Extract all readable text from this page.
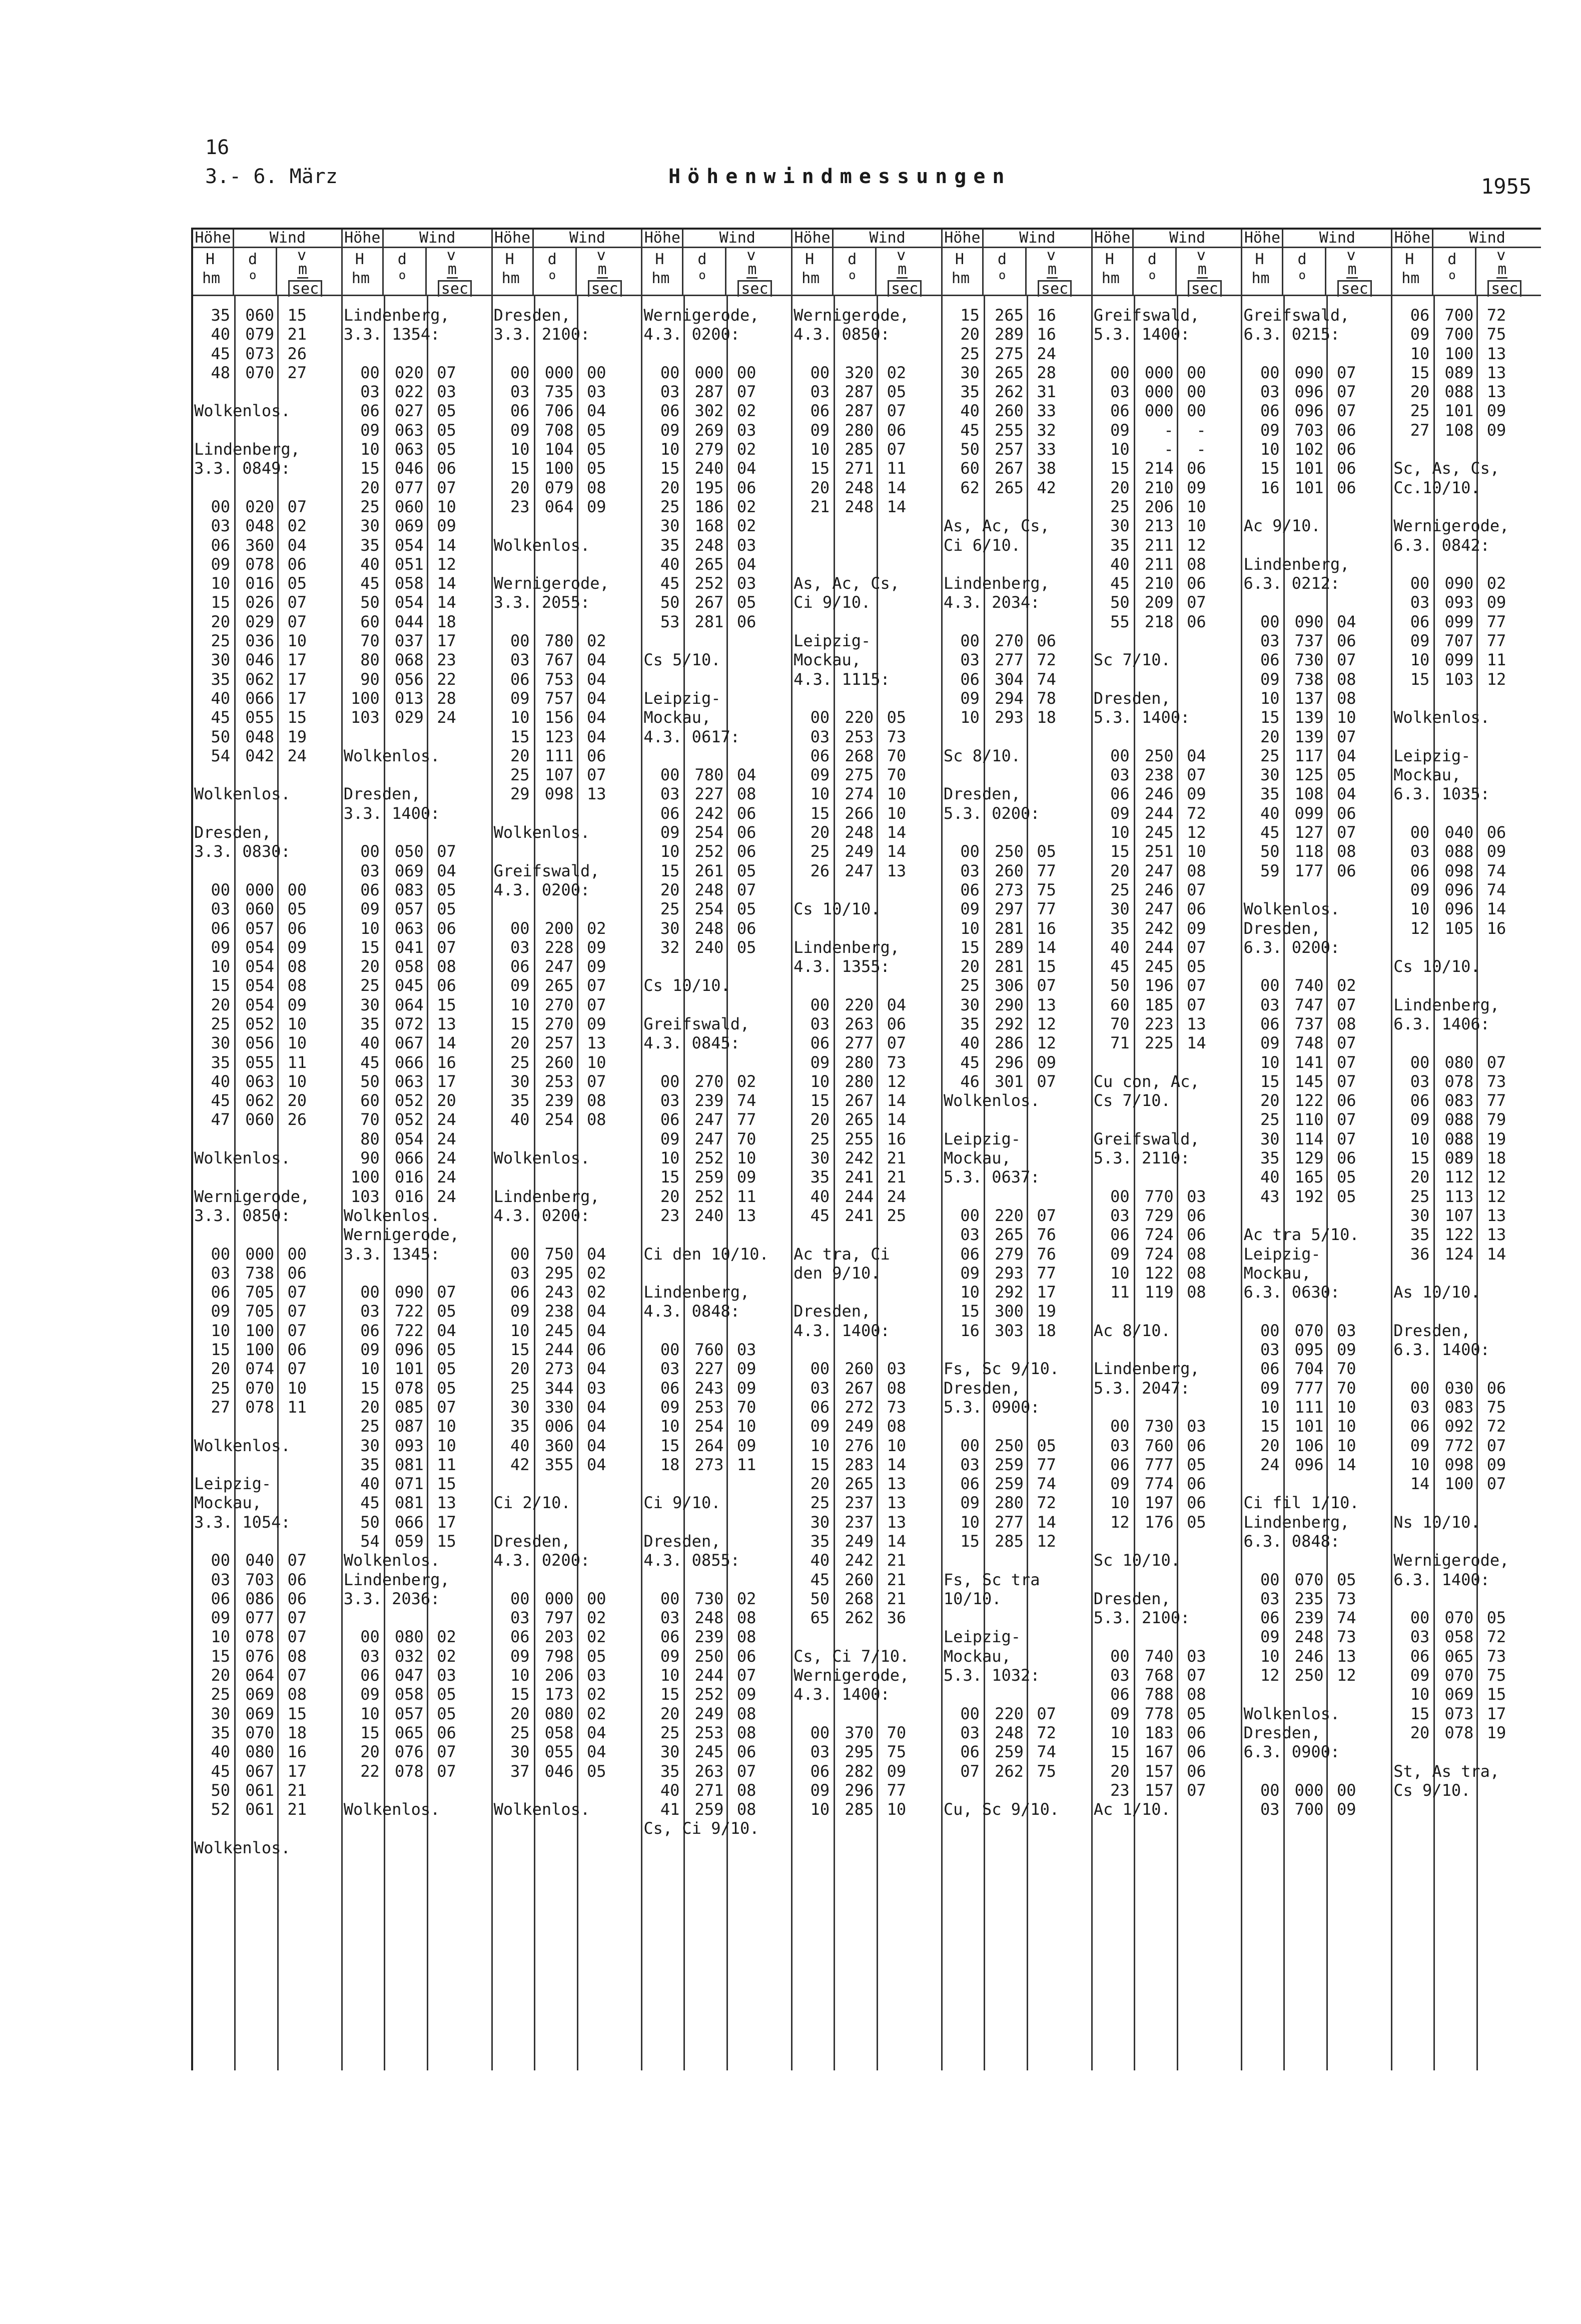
16
3.- 6. März	Höhenwindmessungen	1955
Höhe	Wind
H
hm
d
o
v
m
sec
35 060 15
40 079 21
45 073 26
48 070 27
Wolkenlos.
Lindenberg,
3.3. 0849:
00 020 07
03 048 02
06 360 04
09 078 06
10 016 05
15 026 07
20 029 07
25 036 10
30 046 17
35 062 17
40 066 17
45 055 15
50 048 19
54 042 24
Wolkenlos.
Dresden,
3.3. 0830:
00 000 00
03 060 05
06 057 06
09 054 09
10 054 08
15 054 08
20 054 09
25 052 10
30 056 10
35 055 11
40 063 10
45 062 20
47 060 26
Wolkenlos.
Wernigerode,
3.3. 0850:
00 000 00
03 738 06
06 705 07
09 705 07
10 100 07
15 100 06
20 074 07
25 070 10
27 078 11
Wolkenlos.
Leipzig-
Mockau,
3.3. 1054:
00 040 07
03 703 06
06 086 06
09 077 07
10 078 07
15 076 08
20 064 07
25 069 08
30 069 15
35 070 18
40 080 16
45 067 17
50 061 21
52 061 21
Wolkenlos.
Höhe	Wind
H
hm
d
o
v
m
sec
Lindenberg,
3.3. 1354:
00 020 07
03 022 03
06 027 05
09 063 05
10 063 05
15 046 06
20 077 07
25 060 10
30 069 09
35 054 14
40 051 12
45 058 14
50 054 14
60 044 18
70 037 17
80 068 23
90 056 22
100 013 28
103 029 24
Wolkenlos.
Dresden,
3.3. 1400:
00 050 07
03 069 04
06 083 05
09 057 05
10 063 06
15 041 07
20 058 08
25 045 06
30 064 15
35 072 13
40 067 14
45 066 16
50 063 17
60 052 20
70 052 24
80 054 24
90 066 24
100 016 24
103 016 24
Wolkenlos.
Wernigerode,
3.3. 1345:
00 090 07
03 722 05
06 722 04
09 096 05
10 101 05
15 078 05
20 085 07
25 087 10
30 093 10
35 081 11
40 071 15
45 081 13
50 066 17
54 059 15
Wolkenlos.
Lindenberg,
3.3. 2036:
00 080 02
03 032 02
06 047 03
09 058 05
10 057 05
15 065 06
20 076 07
22 078 07
Wolkenlos.
Höhe	Wind
H
hm
d
o
v
m
sec
Dresden,
3.3. 2100:
00 000 00
03 735 03
06 706 04
09 708 05
10 104 05
15 100 05
20 079 08
23 064 09
Wolkenlos.
Wernigerode,
3.3. 2055:
00 780 02
03 767 04
06 753 04
09 757 04
10 156 04
15 123 04
20 111 06
25 107 07
29 098 13
Wolkenlos.
Greifswald,
4.3. 0200:
00 200 02
03 228 09
06 247 09
09 265 07
10 270 07
15 270 09
20 257 13
25 260 10
30 253 07
35 239 08
40 254 08
Wolkenlos.
Lindenberg,
4.3. 0200:
00 750 04
03 295 02
06 243 02
09 238 04
10 245 04
15 244 06
20 273 04
25 344 03
30 330 04
35 006 04
40 360 04
42 355 04
Ci 2/10.
Dresden,
4.3. 0200:
00 000 00
03 797 02
06 203 02
09 798 05
10 206 03
15 173 02
20 080 02
25 058 04
30 055 04
37 046 05
Wolkenlos.
Höhe	Wind
H
hm
d
o
v
m
sec
Wernigerode,
4.3. 0200:
00 000 00
03 287 07
06 302 02
09 269 03
10 279 02
15 240 04
20 195 06
25 186 02
30 168 02
35 248 03
40 265 04
45 252 03
50 267 05
53 281 06
Cs 5/10.
Leipzig-
Mockau,
4.3. 0617:
00 780 04
03 227 08
06 242 06
09 254 06
10 252 06
15 261 05
20 248 07
25 254 05
30 248 06
32 240 05
Cs 10/10.
Greifswald,
4.3. 0845:
00 270 02
03 239 74
06 247 77
09 247 70
10 252 10
15 259 09
20 252 11
23 240 13
Ci den 10/10.
Lindenberg,
4.3. 0848:
00 760 03
03 227 09
06 243 09
09 253 70
10 254 10
15 264 09
18 273 11
Ci 9/10.
Dresden,
4.3. 0855:
00 730 02
03 248 08
06 239 08
09 250 06
10 244 07
15 252 09
20 249 08
25 253 08
30 245 06
35 263 07
40 271 08
41 259 08
Cs, Ci 9/10.
Höhe	Wind
H
hm
d
o
v
m
sec
Wernigerode,
4.3. 0850:
00 320 02
03 287 05
06 287 07
09 280 06
10 285 07
15 271 11
20 248 14
21 248 14
As, Ac, Cs,
Ci 9/10.
Leipzig-
Mockau,
4.3. 1115:
00 220 05
03 253 73
06 268 70
09 275 70
10 274 10
15 266 10
20 248 14
25 249 14
26 247 13
Cs 10/10.
Lindenberg,
4.3. 1355:
00 220 04
03 263 06
06 277 07
09 280 73
10 280 12
15 267 14
20 265 14
25 255 16
30 242 21
35 241 21
40 244 24
45 241 25
Ac tra, Ci
den 9/10.
Dresden,
4.3. 1400:
00 260 03
03 267 08
06 272 73
09 249 08
10 276 10
15 283 14
20 265 13
25 237 13
30 237 13
35 249 14
40 242 21
45 260 21
50 268 21
65 262 36
Cs, Ci 7/10.
Wernigerode,
4.3. 1400:
00 370 70
03 295 75
06 282 09
09 296 77
10 285 10
Höhe	Wind
H
hm
d
o
v
m
sec
15 265 16
20 289 16
25 275 24
30 265 28
35 262 31
40 260 33
45 255 32
50 257 33
60 267 38
62 265 42
As, Ac, Cs,
Ci 6/10.
Lindenberg,
4.3. 2034:
00 270 06
03 277 72
06 304 74
09 294 78
10 293 18
Sc 8/10.
Dresden,
5.3. 0200:
00 250 05
03 260 77
06 273 75
09 297 77
10 281 16
15 289 14
20 281 15
25 306 07
30 290 13
35 292 12
40 286 12
45 296 09
46 301 07
Wolkenlos.
Leipzig-
Mockau,
5.3. 0637:
00 220 07
03 265 76
06 279 76
09 293 77
10 292 17
15 300 19
16 303 18
Fs, Sc 9/10.
Dresden,
5.3. 0900:
00 250 05
03 259 77
06 259 74
09 280 72
10 277 14
15 285 12
Fs, Sc tra
10/10.
Leipzig-
Mockau,
5.3. 1032:
00 220 07
03 248 72
06 259 74
07 262 75
Cu, Sc 9/10.
Höhe	Wind
H
hm
d
o
v
m
sec
Greifswald,
5.3. 1400:
00 000 00
03 000 00
06 000 00
09	-	-
10	-	-
15 214 06
20 210 09
25 206 10
30 213 10
35 211 12
40 211 08
45 210 06
50 209 07
55 218 06
Sc 7/10.
Dresden,
5.3. 1400:
00 250 04
03 238 07
06 246 09
09 244 72
10 245 12
15 251 10
20 247 08
25 246 07
30 247 06
35 242 09
40 244 07
45 245 05
50 196 07
60 185 07
70 223 13
71 225 14
Cu con, Ac,
Cs 7/10.
Greifswald,
5.3. 2110:
00 770 03
03 729 06
06 724 06
09 724 08
10 122 08
11 119 08
Ac 8/10.
Lindenberg,
5.3. 2047:
00 730 03
03 760 06
06 777 05
09 774 06
10 197 06
12 176 05
Sc 10/10.
Dresden,
5.3. 2100:
00 740 03
03 768 07
06 788 08
09 778 05
10 183 06
15 167 06
20 157 06
23 157 07
Ac 1/10.
Höhe	Wind
H
hm
d
o
v
m
sec
Greifswald,
6.3. 0215:
00 090 07
03 096 07
06 096 07
09 703 06
10 102 06
15 101 06
16 101 06
Ac 9/10.
Lindenberg,
6.3. 0212:
00 090 04
03 737 06
06 730 07
09 738 08
10 137 08
15 139 10
20 139 07
25 117 04
30 125 05
35 108 04
40 099 06
45 127 07
50 118 08
59 177 06
Wolkenlos.
Dresden,
6.3. 0200:
00 740 02
03 747 07
06 737 08
09 748 07
10 141 07
15 145 07
20 122 06
25 110 07
30 114 07
35 129 06
40 165 05
43 192 05
Ac tra 5/10.
Leipzig-
Mockau,
6.3. 0630:
00 070 03
03 095 09
06 704 70
09 777 70
10 111 10
15 101 10
20 106 10
24 096 14
Ci fil 1/10.
Lindenberg,
6.3. 0848:
00 070 05
03 235 73
06 239 74
09 248 73
10 246 13
12 250 12
Wolkenlos.
Dresden,
6.3. 0900:
00 000 00
03 700 09
Höhe	Wind
H
hm
d
o
v
m
sec
06 700 72
09 700 75
10 100 13
15 089 13
20 088 13
25 101 09
27 108 09
Sc, As, Cs,
Cc.10/10.
Wernigerode,
6.3. 0842:
00 090 02
03 093 09
06 099 77
09 707 77
10 099 11
15 103 12
Wolkenlos.
Leipzig-
Mockau,
6.3. 1035:
00 040 06
03 088 09
06 098 74
09 096 74
10 096 14
12 105 16
Cs 10/10.
Lindenberg,
6.3. 1406:
00 080 07
03 078 73
06 083 77
09 088 79
10 088 19
15 089 18
20 112 12
25 113 12
30 107 13
35 122 13
36 124 14
As 10/10.
Dresden,
6.3. 1400:
00 030 06
03 083 75
06 092 72
09 772 07
10 098 09
14 100 07
Ns 10/10.
Wernigerode,
6.3. 1400:
00 070 05
03 058 72
06 065 73
09 070 75
10 069 15
15 073 17
20 078 19
St, As tra,
Cs 9/10.
